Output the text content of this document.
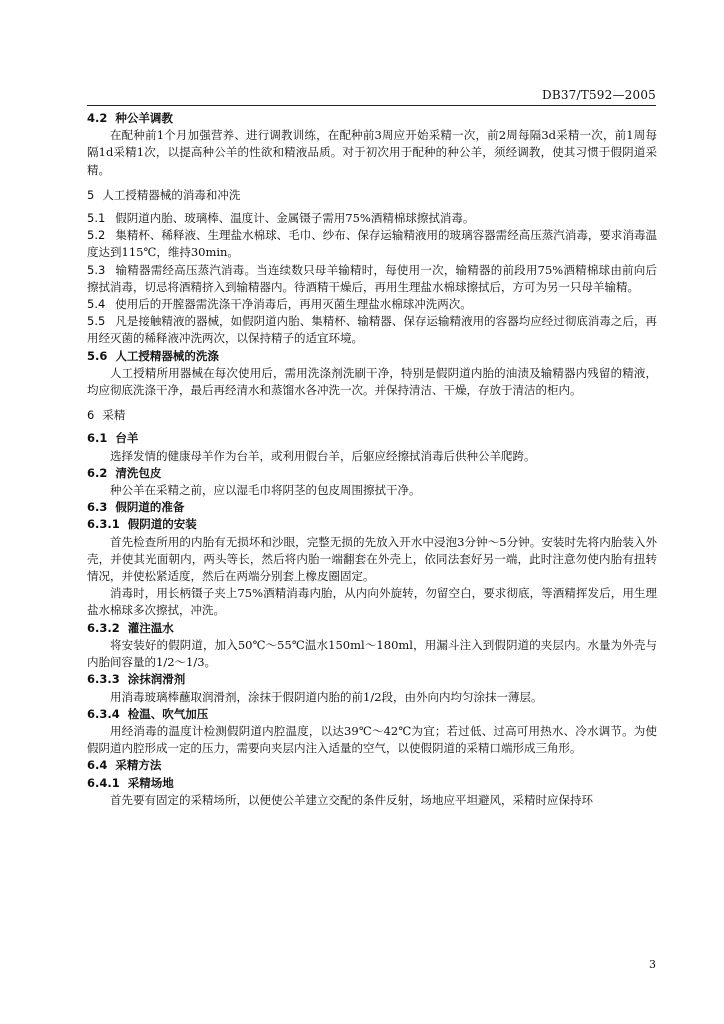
DB37/T592—2005
4.2 种公羊调教

在配种前1个月加强营养、进行调教训练，在配种前3周应开始采精一次，前2周每隔3d采精一次，前1周每隔1d采精1次，以提高种公羊的性欲和精液品质。对于初次用于配种的种公羊，须经调教，使其习惯于假阴道采精。

5 人工授精器械的消毒和冲洗

5.1 假阴道内胎、玻璃棒、温度计、金属镊子需用75%酒精棉球擦拭消毒。

5.2 集精杯、稀释液、生理盐水棉球、毛巾、纱布、保存运输精液用的玻璃容器需经高压蒸汽消毒，要求消毒温度达到115℃，维持30min。

5.3 输精器需经高压蒸汽消毒。当连续数只母羊输精时，每使用一次，输精器的前段用75%酒精棉球由前向后擦拭消毒，切忌将酒精挤入到输精器内。待酒精干燥后，再用生理盐水棉球擦拭后，方可为另一只母羊输精。

5.4 使用后的开膣器需洗涤干净消毒后，再用灭菌生理盐水棉球冲洗两次。

5.5 凡是接触精液的器械，如假阴道内胎、集精杯、输精器、保存运输精液用的容器均应经过彻底消毒之后，再用经灭菌的稀释液冲洗两次，以保持精子的适宜环境。

5.6 人工授精器械的洗涤

人工授精所用器械在每次使用后，需用洗涤剂洗刷干净，特别是假阴道内胎的油渍及输精器内残留的精液，均应彻底洗涤干净，最后再经清水和蒸馏水各冲洗一次。并保持清洁、干燥，存放于清洁的柜内。

6 采精
6.1 台羊

选择发情的健康母羊作为台羊，或利用假台羊，后躯应经擦拭消毒后供种公羊爬跨。

6.2 清洗包皮

种公羊在采精之前，应以湿毛巾将阴茎的包皮周围擦拭干净。

6.3 假阴道的准备
6.3.1 假阴道的安装

首先检查所用的内胎有无损坏和沙眼，完整无损的先放入开水中浸泡3分钟～5分钟。安装时先将内胎装入外壳，并使其光面朝内，两头等长，然后将内胎一端翻套在外壳上，依同法套好另一端，此时注意勿使内胎有扭转情况，并使松紧适度，然后在两端分别套上橡皮圈固定。

消毒时，用长柄镊子夹上75%酒精消毒内胎，从内向外旋转，勿留空白，要求彻底，等酒精挥发后，用生理盐水棉球多次擦拭，冲洗。

6.3.2 灌注温水

将安装好的假阴道，加入50℃～55℃温水150ml～180ml，用漏斗注入到假阴道的夹层内。水量为外壳与内胎间容量的1/2～1/3。

6.3.3 涂抹润滑剂

用消毒玻璃棒蘸取润滑剂，涂抹于假阴道内胎的前1/2段，由外向内均匀涂抹一薄层。

6.3.4 检温、吹气加压

用经消毒的温度计检测假阴道内腔温度，以达39℃～42℃为宜；若过低、过高可用热水、冷水调节。为使假阴道内腔形成一定的压力，需要向夹层内注入适量的空气，以使假阴道的采精口端形成三角形。

6.4 采精方法
6.4.1 采精场地

首先要有固定的采精场所，以便使公羊建立交配的条件反射，场地应平坦避风，采精时应保持环

3
